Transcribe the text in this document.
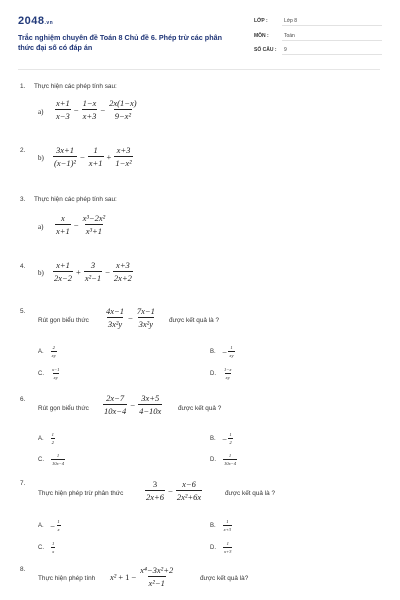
2048.vn
Trắc nghiệm chuyên đề Toán 8 Chủ đề 6. Phép trừ các phân thức đại số có đáp án
LỚP :	Lớp 8
MÔN :	Toán
SỐ CÂU : 9
1. Thực hiện các phép tính sau:
$a) \frac{x+1}{x-3} - \frac{1-x}{x+3} - \frac{2x(1-x)}{\text{9−x²}}$
2.
$b) \frac{3x+1}{\text{(x−1)²}} - \frac{1}{x+1} + \frac{x+3}{\text{1−x²}}$
3. Thực hiện các phép tính sau:
$a) \frac{x}{x+1} - \frac{\text{x³−2x²}}{\text{x³+1}}$
4.
$b) \frac{x+1}{2x-2} + \frac{3}{\text{x²−1}} - \frac{x+3}{2x+2}$
5.
Rút gọn biểu thức	được kết quả là ?
$\frac{4x-1}{\text{3x²y}} - \frac{7x-1}{\text{3x²y}}$
A. $\frac{2}{xy}$	B. − $\frac{1}{xy}$
C. $\frac{x-1}{xy}$	D. $\frac{1-x}{xy}$
6.
Rút gọn biểu thức	được kết quả ?
$\frac{2x-7}{10x-4} - \frac{3x+5}{4-10x}$
A. $\frac{1}{2}$	B. − $\frac{1}{2}$
C. $\frac{1}{10x-4}$	D. $\frac{1}{10x-4}$
7.
Thực hiện phép trừ phân thức	được kết quả là ?
$\frac{3}{2x+6} - \frac{x-6}{\text{2x²+6x}}$
A. − $\frac{1}{x}$	B. $\frac{1}{x+3}$
C. $\frac{1}{x}$	D. $\frac{1}{x+3}$
8.
Thực hiện phép tính	được kết quả là?
$x^2 + 1 - \frac{\text{x⁴−3x²+2}}{\text{x²−1}}$
